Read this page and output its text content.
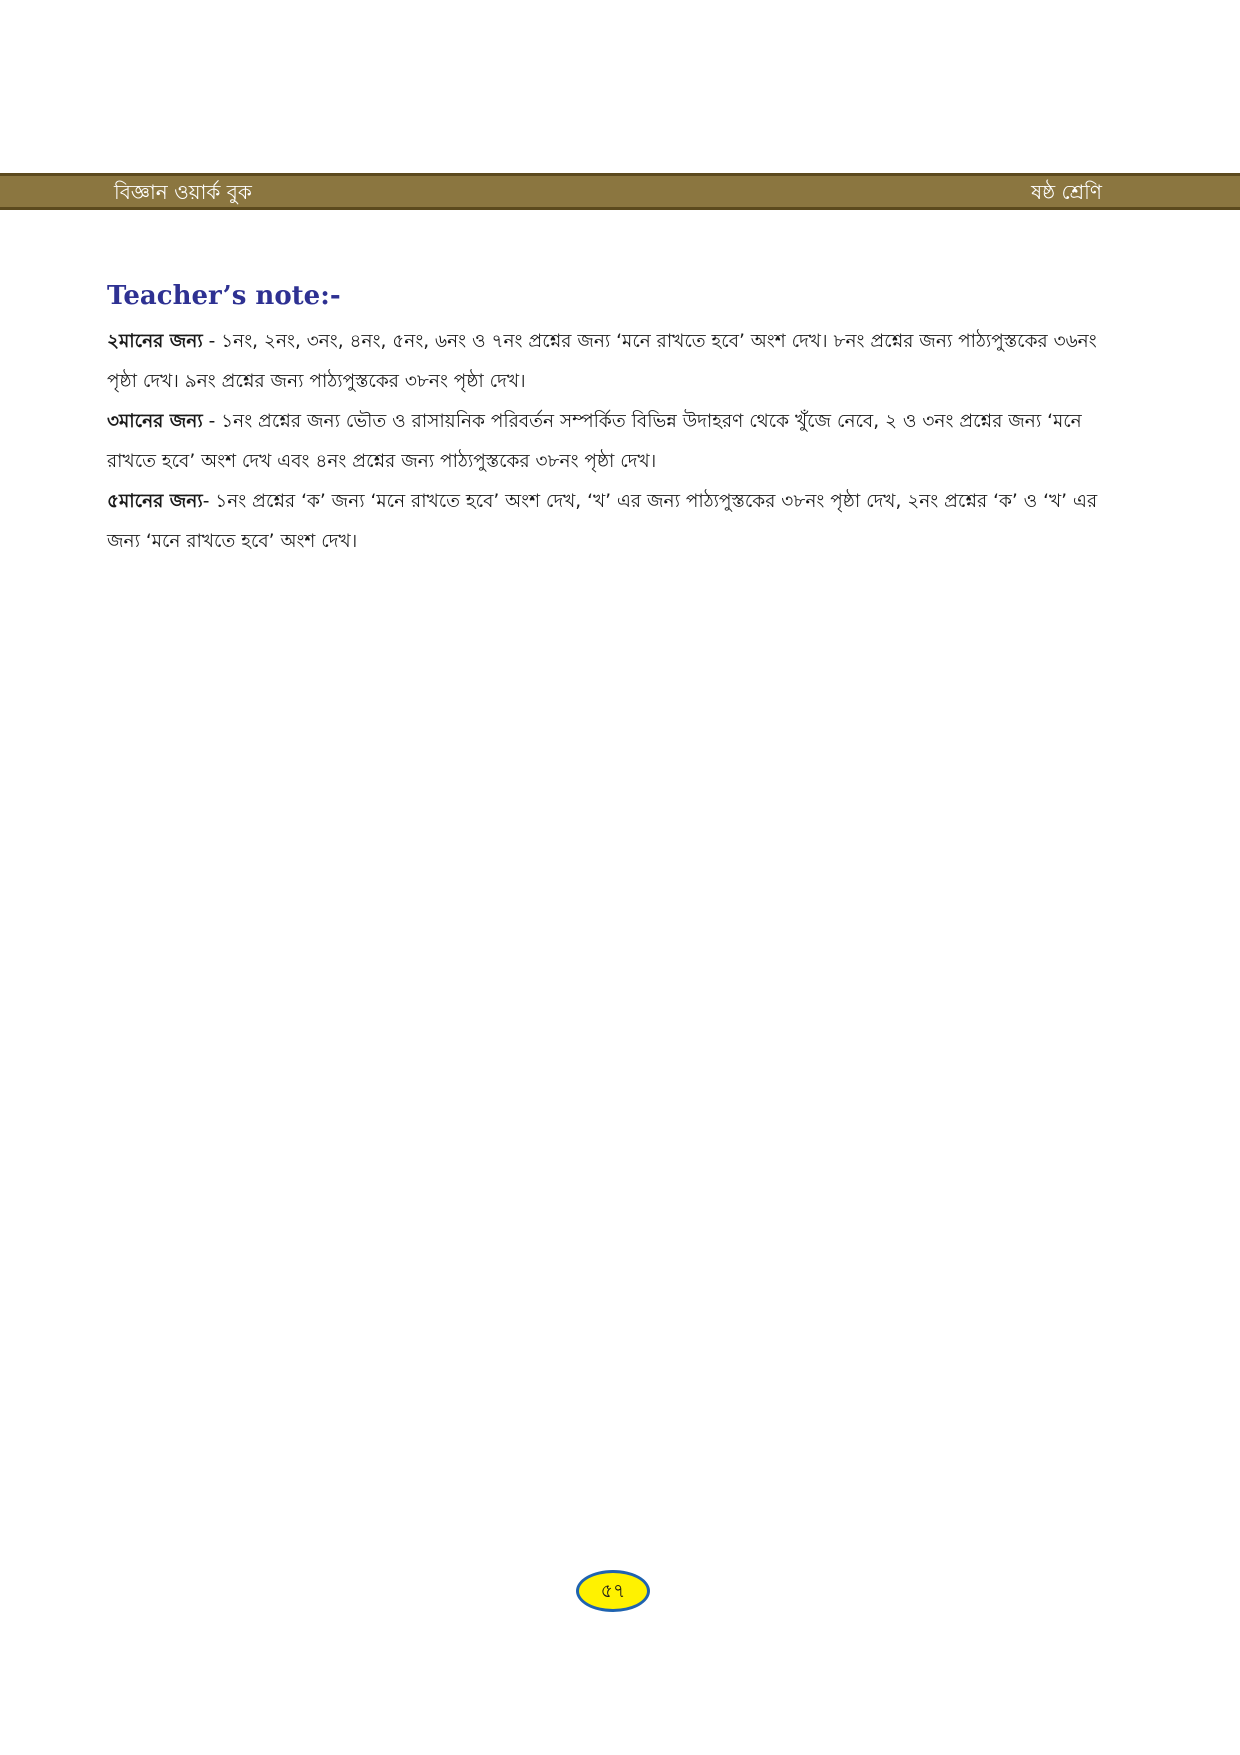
বিজ্ঞান ওয়ার্ক বুক	ষষ্ঠ শ্রেণি
Teacher’s note:-

২মানের জন্য - ১নং, ২নং, ৩নং, ৪নং, ৫নং, ৬নং ও ৭নং প্রশ্নের জন্য ‘মনে রাখতে হবে’ অংশ দেখ। ৮নং প্রশ্নের জন্য পাঠ্যপুস্তকের ৩৬নং পৃষ্ঠা দেখ। ৯নং প্রশ্নের জন্য পাঠ্যপুস্তকের ৩৮নং পৃষ্ঠা দেখ।

৩মানের জন্য - ১নং প্রশ্নের জন্য ভৌত ও রাসায়নিক পরিবর্তন সম্পর্কিত বিভিন্ন উদাহরণ থেকে খুঁজে নেবে, ২ ও ৩নং প্রশ্নের জন্য ‘মনে রাখতে হবে’ অংশ দেখ এবং ৪নং প্রশ্নের জন্য পাঠ্যপুস্তকের ৩৮নং পৃষ্ঠা দেখ।

৫মানের জন্য- ১নং প্রশ্নের ‘ক’ জন্য ‘মনে রাখতে হবে’ অংশ দেখ, ‘খ’ এর জন্য পাঠ্যপুস্তকের ৩৮নং পৃষ্ঠা দেখ, ২নং প্রশ্নের ‘ক’ ও ‘খ’ এর জন্য ‘মনে রাখতে হবে’ অংশ দেখ।

৫৭
